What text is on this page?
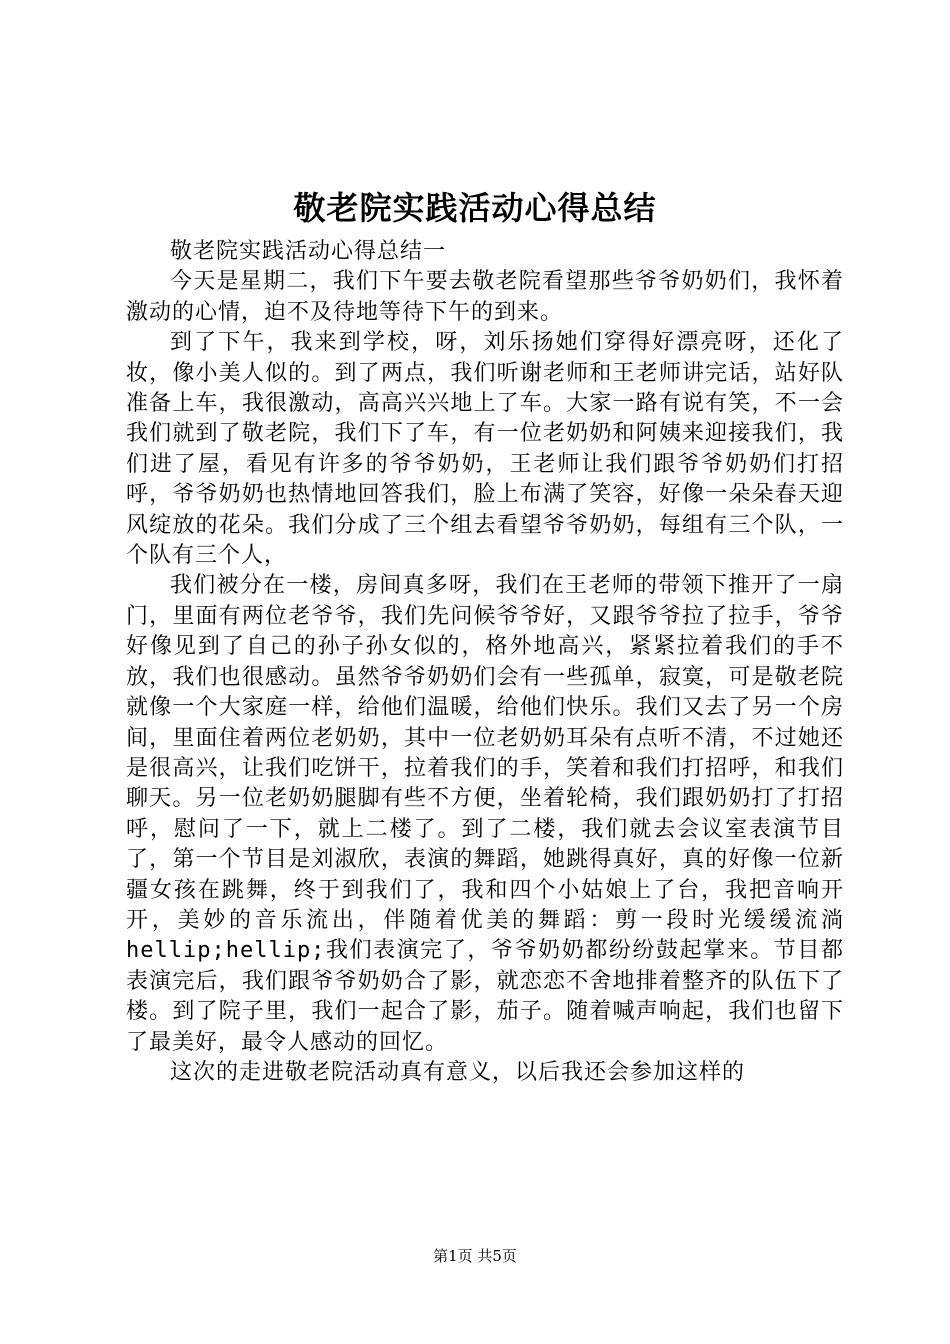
敬老院实践活动心得总结

敬老院实践活动心得总结一

今天是星期二，我们下午要去敬老院看望那些爷爷奶奶们，我怀着激动的心情，迫不及待地等待下午的到来。

到了下午，我来到学校，呀，刘乐扬她们穿得好漂亮呀，还化了妆，像小美人似的。到了两点，我们听谢老师和王老师讲完话，站好队准备上车，我很激动，高高兴兴地上了车。大家一路有说有笑，不一会我们就到了敬老院，我们下了车，有一位老奶奶和阿姨来迎接我们，我们进了屋，看见有许多的爷爷奶奶，王老师让我们跟爷爷奶奶们打招呼，爷爷奶奶也热情地回答我们，脸上布满了笑容，好像一朵朵春天迎风绽放的花朵。我们分成了三个组去看望爷爷奶奶，每组有三个队，一个队有三个人，

我们被分在一楼，房间真多呀，我们在王老师的带领下推开了一扇门，里面有两位老爷爷，我们先问候爷爷好，又跟爷爷拉了拉手，爷爷好像见到了自己的孙子孙女似的，格外地高兴，紧紧拉着我们的手不放，我们也很感动。虽然爷爷奶奶们会有一些孤单，寂寞，可是敬老院就像一个大家庭一样，给他们温暖，给他们快乐。我们又去了另一个房间，里面住着两位老奶奶，其中一位老奶奶耳朵有点听不清，不过她还是很高兴，让我们吃饼干，拉着我们的手，笑着和我们打招呼，和我们聊天。另一位老奶奶腿脚有些不方便，坐着轮椅，我们跟奶奶打了打招呼，慰问了一下，就上二楼了。到了二楼，我们就去会议室表演节目了，第一个节目是刘淑欣，表演的舞蹈，她跳得真好，真的好像一位新疆女孩在跳舞，终于到我们了，我和四个小姑娘上了台，我把音响开开，美妙的音乐流出，伴随着优美的舞蹈：剪一段时光缓缓流淌hellip;hellip;我们表演完了，爷爷奶奶都纷纷鼓起掌来。节目都表演完后，我们跟爷爷奶奶合了影，就恋恋不舍地排着整齐的队伍下了楼。到了院子里，我们一起合了影，茄子。随着喊声响起，我们也留下了最美好，最令人感动的回忆。

这次的走进敬老院活动真有意义，以后我还会参加这样的

第1页 共5页
